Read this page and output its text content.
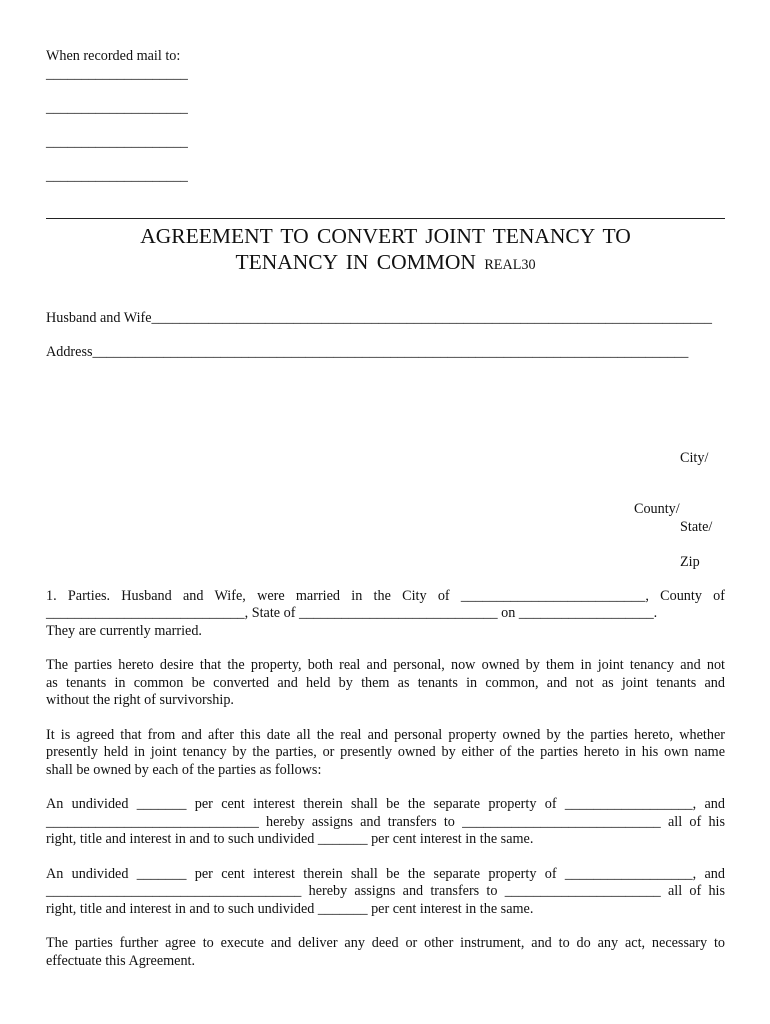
When recorded mail to:
____________________
____________________
____________________
____________________
AGREEMENT TO CONVERT JOINT TENANCY TO
TENANCY IN COMMON REAL30
Husband and Wife_______________________________________________________________________________
Address____________________________________________________________________________________
City/
County/
State/
Zip
1. Parties. Husband and Wife, were married in the City of __________________________, County of
____________________________, State of ____________________________ on ___________________.
They are currently married.
The parties hereto desire that the property, both real and personal, now owned by them in joint tenancy and not
as tenants in common be converted and held by them as tenants in common, and not as joint tenants and
without the right of survivorship.
It is agreed that from and after this date all the real and personal property owned by the parties hereto, whether
presently held in joint tenancy by the parties, or presently owned by either of the parties hereto in his own name
shall be owned by each of the parties as follows:
An undivided _______ per cent interest therein shall be the separate property of __________________, and
______________________________ hereby assigns and transfers to ____________________________ all of his
right, title and interest in and to such undivided _______ per cent interest in the same.
An undivided _______ per cent interest therein shall be the separate property of __________________, and
____________________________________ hereby assigns and transfers to ______________________ all of his
right, title and interest in and to such undivided _______ per cent interest in the same.
The parties further agree to execute and deliver any deed or other instrument, and to do any act, necessary to
effectuate this Agreement.
